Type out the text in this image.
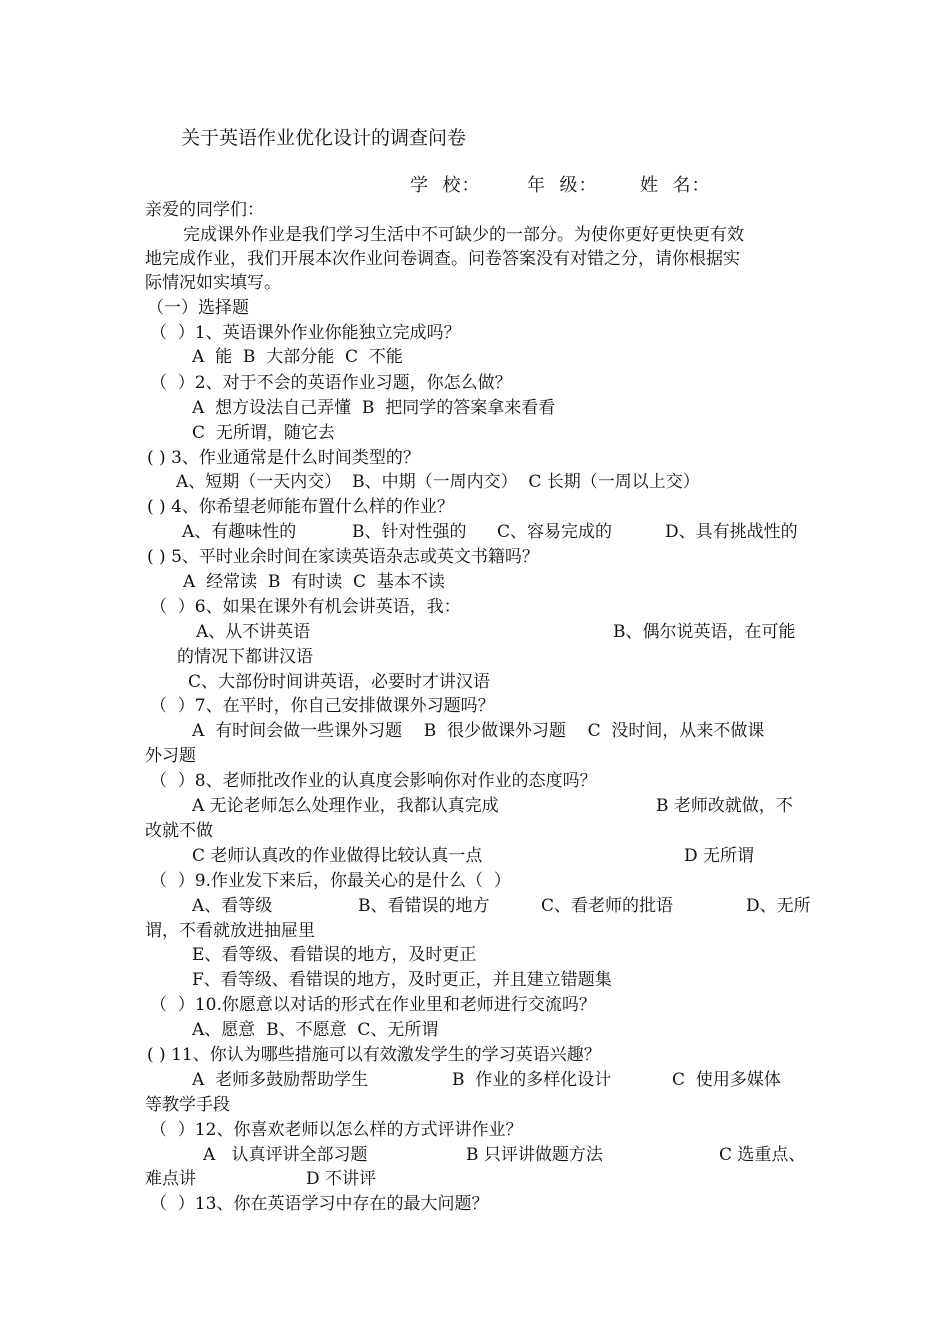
关于英语作业优化设计的调查问卷
学  校：	年  级： 姓  名：
亲爱的同学们：
完成课外作业是我们学习生活中不可缺少的一部分。为使你更好更快更有效
地完成作业，我们开展本次作业问卷调查。问卷答案没有对错之分，请你根据实
际情况如实填写。
（一）选择题
（  ）1、英语课外作业你能独立完成吗？
A  能  B  大部分能  C  不能
（  ）2、对于不会的英语作业习题，你怎么做？
A  想方设法自己弄懂  B  把同学的答案拿来看看
C  无所谓，随它去
( ) 3、作业通常是什么时间类型的？
A、短期（一天内交）  B、中期（一周内交）  C 长期（一周以上交）
( ) 4、你希望老师能布置什么样的作业？
A、有趣味性的	B、针对性强的 C、容易完成的	D、具有挑战性的
( ) 5、平时业余时间在家读英语杂志或英文书籍吗？
A  经常读  B  有时读  C  基本不读
（  ）6、如果在课外有机会讲英语，我：
A、从不讲英语	B、偶尔说英语，在可能
的情况下都讲汉语
C、大部份时间讲英语，必要时才讲汉语
（  ）7、在平时，你自己安排做课外习题吗？
A  有时间会做一些课外习题    B  很少做课外习题    C  没时间，从来不做课
外习题
（  ）8、老师批改作业的认真度会影响你对作业的态度吗？
A 无论老师怎么处理作业，我都认真完成	B 老师改就做，不
改就不做
C 老师认真改的作业做得比较认真一点	D 无所谓
（  ）9.作业发下来后，你最关心的是什么（  ）
A、看等级	B、看错误的地方	C、看老师的批语	D、无所
谓，不看就放进抽屉里
E、看等级、看错误的地方，及时更正
F、看等级、看错误的地方，及时更正，并且建立错题集
（  ）10.你愿意以对话的形式在作业里和老师进行交流吗？
A、愿意  B、不愿意  C、无所谓
( ) 11、你认为哪些措施可以有效激发学生的学习英语兴趣？
A  老师多鼓励帮助学生	B  作业的多样化设计	C  使用多媒体
等教学手段
（  ）12、你喜欢老师以怎么样的方式评讲作业？
A   认真评讲全部习题	B 只评讲做题方法	C 选重点、
难点讲	D 不讲评
（  ）13、你在英语学习中存在的最大问题？
